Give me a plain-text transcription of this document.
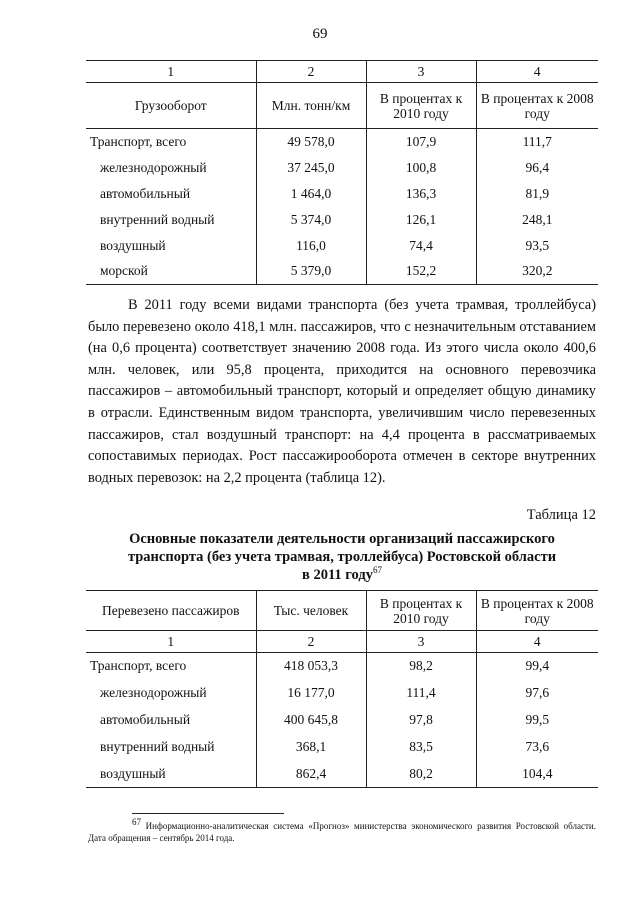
69
1	2	3	4
Грузооборот	Млн. тонн/км	В процентах к 2010 году	В процентах к 2008 году
Транспорт, всего	49 578,0	107,9	111,7
железнодорожный	37 245,0	100,8	96,4
автомобильный	1 464,0	136,3	81,9
внутренний водный	5 374,0	126,1	248,1
воздушный	116,0	74,4	93,5
морской	5 379,0	152,2	320,2

В 2011 году всеми видами транспорта (без учета трамвая, троллейбуса) было перевезено около 418,1 млн. пассажиров, что с незначительным отставанием (на 0,6 процента) соответствует значению 2008 года. Из этого числа около 400,6 млн. человек, или 95,8 процента, приходится на основного перевозчика пассажиров – автомобильный транспорт, который и определяет общую динамику в отрасли. Единственным видом транспорта, увеличившим число перевезенных пассажиров, стал воздушный транспорт: на 4,4 процента в рассматриваемых сопоставимых периодах. Рост пассажирооборота отмечен в секторе внутренних водных перевозок: на 2,2 процента (таблица 12).

Таблица 12
Основные показатели деятельности организаций пассажирского
транспорта (без учета трамвая, троллейбуса) Ростовской области
в 2011 году$^{67}$
Перевезено пассажиров	Тыс. человек	В процентах к 2010 году	В процентах к 2008 году
1	2	3	4
Транспорт, всего	418 053,3	98,2	99,4
железнодорожный	16 177,0	111,4	97,6
автомобильный	400 645,8	97,8	99,5
внутренний водный	368,1	83,5	73,6
воздушный	862,4	80,2	104,4

$^{67}$ Информационно-аналитическая система «Прогноз» министерства экономического развития Ростовской области. Дата обращения – сентябрь 2014 года.
